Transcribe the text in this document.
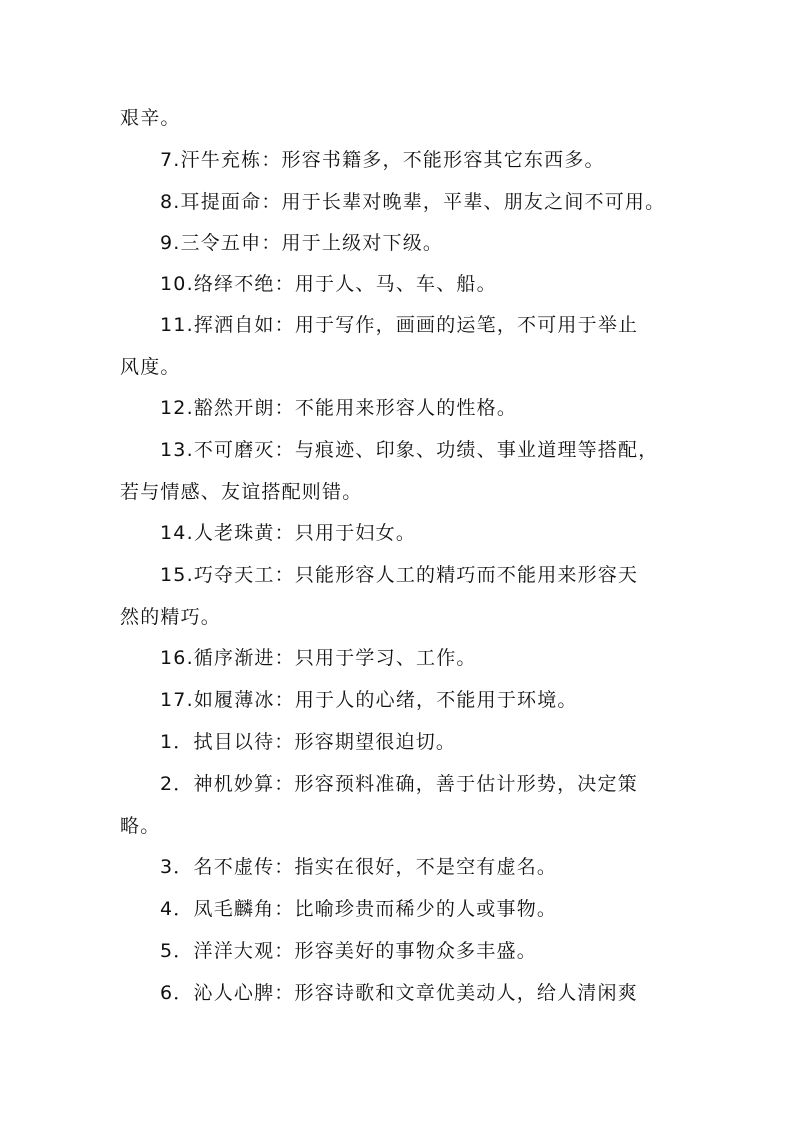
艰辛。
7.汗牛充栋：形容书籍多，不能形容其它东西多。
8.耳提面命：用于长辈对晚辈，平辈、朋友之间不可用。
9.三令五申：用于上级对下级。
10.络绎不绝：用于人、马、车、船。
11.挥洒自如：用于写作，画画的运笔，不可用于举止
风度。
12.豁然开朗：不能用来形容人的性格。
13.不可磨灭：与痕迹、印象、功绩、事业道理等搭配，
若与情感、友谊搭配则错。
14.人老珠黄：只用于妇女。
15.巧夺天工：只能形容人工的精巧而不能用来形容天
然的精巧。
16.循序渐进：只用于学习、工作。
17.如履薄冰：用于人的心绪，不能用于环境。
1．拭目以待：形容期望很迫切。
2．神机妙算：形容预料准确，善于估计形势，决定策
略。
3．名不虚传：指实在很好，不是空有虚名。
4．凤毛麟角：比喻珍贵而稀少的人或事物。
5．洋洋大观：形容美好的事物众多丰盛。
6．沁人心脾：形容诗歌和文章优美动人，给人清闲爽
